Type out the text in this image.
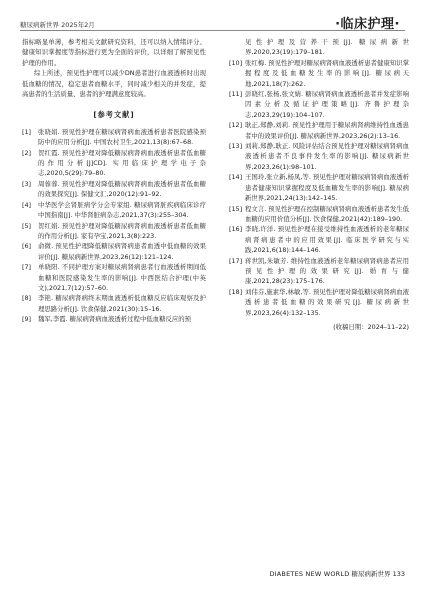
糖尿病新世界 2025年2月	·临床护理·

指标略显单薄，参考相关文献研究资料，还可以纳入情绪评分、健康知识掌握度等指标进行更为全面的评价，以详细了解预见性护理的作用。

综上所述，预见性护理可以减少DN患者进行血液透析时出现低血糖的情况，稳定患者血糖水平，同时减少相关的并发症，提高患者的生活质量、患者的护理满意度较高。

[参考文献]
[1]	张晓娟. 预见性护理在糖尿病肾病血液透析患者医院感染预防中的应用分析[J]. 中国农村卫生,2021,13(8):67–68.
[2]	贺红霞. 预见性护理对降低糖尿病肾病血液透析患者低血糖的作用分析[J]CD]. 实用临床护理学电子杂志,2020,5(29):79–80.
[3]	周蓉蓉. 预见性护理对降低糖尿病肾病血液透析患者低血糖的效果探究[J]. 保健文汇,2020(12):91–92.
[4]	中华医学会肾脏病学分会专家组. 糖尿病肾脏疾病临床诊疗中国指南[J]. 中华肾脏病杂志,2021,37(3):255–304.
[5]	贺红娟. 预见性护理对降低糖尿病肾病血液透析患者低血糖的作用分析[J]. 家有孕宝,2021,3(8):223.
[6]	俞微. 预见性护理降低糖尿病肾病患者血透中低血糖的效果评价[J]. 糖尿病新世界,2023,26(12):121–124.
[7]	单晓阳. 不同护理方案对糖尿病肾病患者行血液透析期间低血糖和医院感染发生率的影响[J]. 中西医结合护理(中英文),2021,7(12):57–60.
[8]	李艳. 糖尿病肾病终末期血液透析低血糖反应临床观察及护理思路分析[J]. 饮食保健,2021(30):15–16.
[9]	魏军,李霞. 糖尿病肾病血液透析过程中低血糖反应的预
见性护理及营养干预[J]. 糖尿病新世界,2020,23(19):179–181.
[10] 张红梅. 预见性护理对糖尿病肾病血液透析患者健康知识掌握程度及低血糖发生率的影响[J]. 糖尿病天地,2021,18(7):262.
[11] 彭晓红,张杨,张文婧. 糖尿病肾病血液透析患者并发症影响因素分析及循证护理策略[J]. 齐鲁护理杂志,2023,29(19):104–107.
[12] 耿正,郑静,刘莉. 预见性护理用于糖尿病肾病维持性血透患者中的效果评价[J]. 糖尿病新世界,2023,26(2):13–16.
[13] 刘莉,郑静,耿正. 风险评估结合预见性护理对糖尿病肾病血液透析患者不良事件发生率的影响[J]. 糖尿病新世界,2023,26(1):98–101.
[14] 王国玲,张立新,杨凤,等. 预见性护理对糖尿病肾病血液透析患者健康知识掌握程度及低血糖发生率的影响[J]. 糖尿病新世界,2021,24(13):142–145.
[15] 程文言. 预见性护理在控制糖尿病肾病血液透析患者发生低血糖的应用价值分析[J]. 饮食保健,2021(42):189–190.
[16] 李晓,许洋. 预见性护理在接受维持性血液透析的老年糖尿病肾病患者中的应用效果[J]. 临床医学研究与实践,2021,6(18):144–146.
[17] 蒋世凯,朱敏芳. 维持性血液透析老年糖尿病肾病患者应用预见性护理的效果研究[J]. 婚育与健康,2021,28(23):175–176.
[18] 刘伟芬,施素华,林敏,等. 预见性护理对降低糖尿病肾病血液透析患者低血糖的效果研究[J]. 糖尿病新世界,2023,26(4):132–135.
(收稿日期：2024–11–22)
DIABETES NEW WORLD 糖尿病新世界 133
